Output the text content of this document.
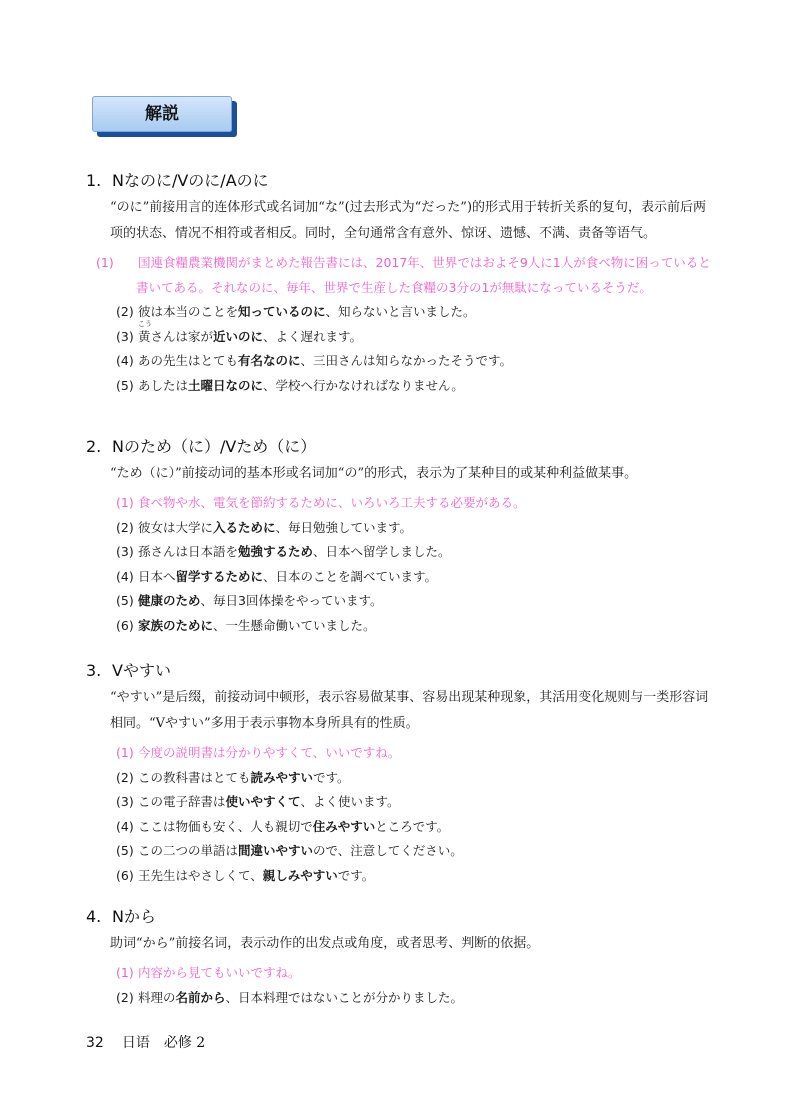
解説
1. Nなのに/Vのに/Aのに
“のに”前接用言的连体形式或名词加“な”(过去形式为“だった”)的形式用于转折关系的复句，表示前后两项的状态、情况不相符或者相反。同时，全句通常含有意外、惊讶、遗憾、不满、责备等语气。
(1) 国連食糧農業機関がまとめた報告書には、2017年、世界ではおよそ9人に1人が食べ物に困っていると書いてある。それなのに、毎年、世界で生産した食糧の3分の1が無駄になっているそうだ。
(2) 彼は本当のことを知っているのに、知らないと言いました。
(3) 黄
こう
さんは家が近いのに、よく遅れます。
(4) あの先生はとても有名なのに、三田さんは知らなかったそうです。
(5) あしたは土曜日なのに、学校へ行かなければなりません。
2. Nのため（に）/Vため（に）
“ため（に）”前接动词的基本形或名词加“の”的形式，表示为了某种目的或某种利益做某事。
(1) 食べ物や水、電気を節約するために、いろいろ工夫する必要がある。
(2) 彼女は大学に入るために、毎日勉強しています。
(3) 孫さんは日本語を勉強するため、日本へ留学しました。
(4) 日本へ留学するために、日本のことを調べています。
(5) 健康のため、毎日3回体操をやっています。
(6) 家族のために、一生懸命働いていました。
3. Vやすい
“やすい”是后缀，前接动词中顿形，表示容易做某事、容易出现某种现象，其活用变化规则与一类形容词相同。“Vやすい”多用于表示事物本身所具有的性质。
(1) 今度の説明書は分かりやすくて、いいですね。
(2) この教科書はとても読みやすいです。
(3) この電子辞書は使いやすくて、よく使います。
(4) ここは物価も安く、人も親切で住みやすいところです。
(5) この二つの単語は間違いやすいので、注意してください。
(6) 王先生はやさしくて、親しみやすいです。
4. Nから
助词“から”前接名词，表示动作的出发点或角度，或者思考、判断的依据。
(1) 内容から見てもいいですね。
(2) 料理の名前から、日本料理ではないことが分かりました。
32 日语　必修 2
